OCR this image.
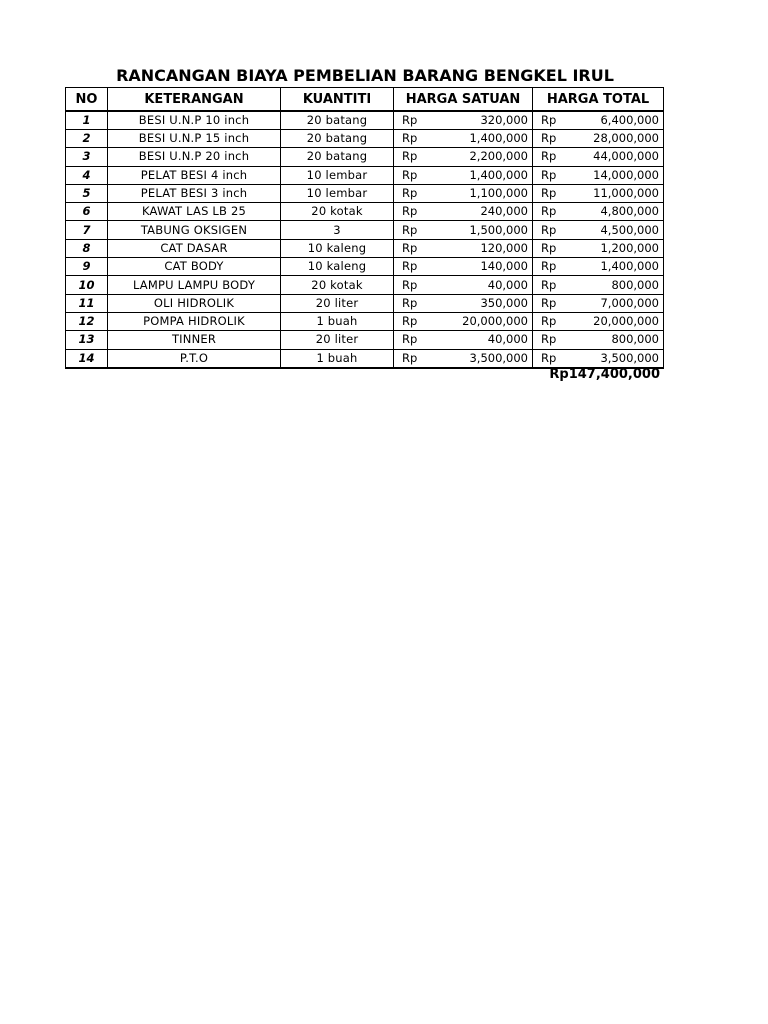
RANCANGAN BIAYA PEMBELIAN BARANG BENGKEL IRUL
NO	KETERANGAN	KUANTITI	HARGA SATUAN	HARGA TOTAL
1	BESI U.N.P 10 inch	20 batang	Rp 320,000	Rp 6,400,000

2	BESI U.N.P 15 inch	20 batang	Rp 1,400,000	Rp 28,000,000

3	BESI U.N.P 20 inch	20 batang	Rp 2,200,000	Rp 44,000,000

4	PELAT BESI 4 inch	10 lembar	Rp 1,400,000	Rp 14,000,000

5	PELAT BESI 3 inch	10 lembar	Rp 1,100,000	Rp 11,000,000

6	KAWAT LAS LB 25	20 kotak	Rp 240,000	Rp 4,800,000

7	TABUNG OKSIGEN	3	Rp 1,500,000	Rp 4,500,000

8	CAT DASAR	10 kaleng	Rp 120,000	Rp 1,200,000

9	CAT BODY	10 kaleng	Rp 140,000	Rp 1,400,000

10	LAMPU LAMPU BODY	20 kotak	Rp 40,000	Rp 800,000

11	OLI HIDROLIK	20 liter	Rp 350,000	Rp 7,000,000

12	POMPA HIDROLIK	1 buah	Rp 20,000,000	Rp 20,000,000

13	TINNER	20 liter	Rp 40,000	Rp 800,000

14	P.T.O	1 buah	Rp 3,500,000	Rp 3,500,000
Rp147,400,000
